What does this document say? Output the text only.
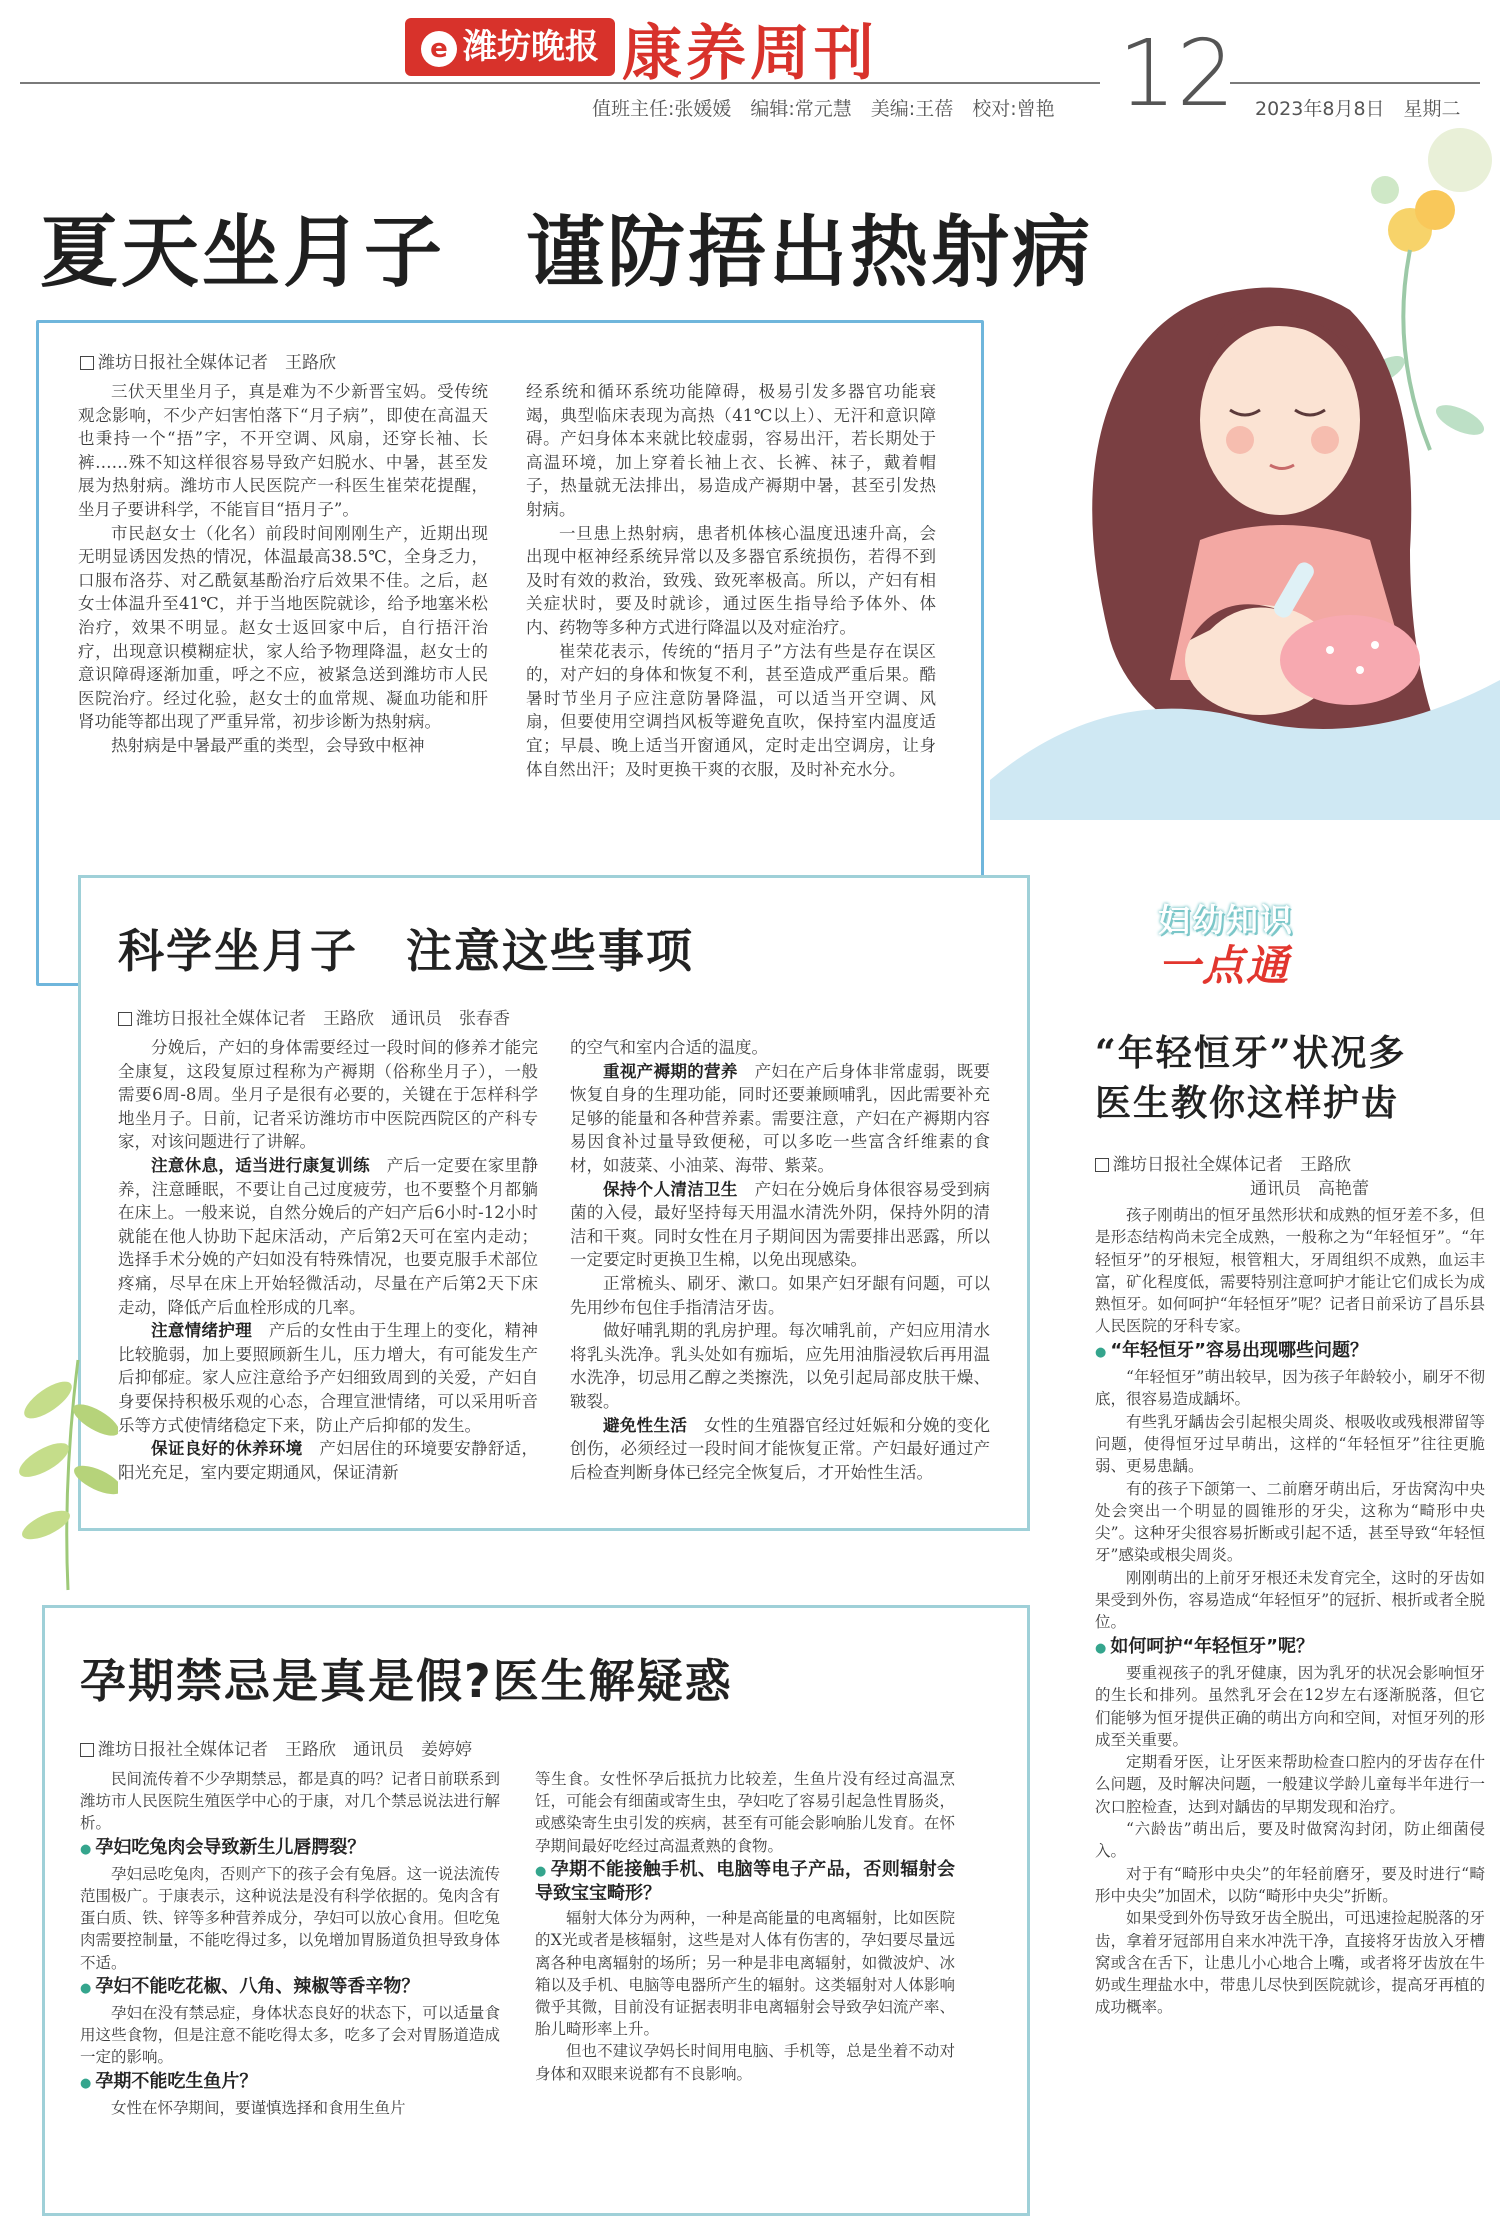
e 潍坊晚报 康养周刊	12
值班主任:张媛媛　编辑:常元慧　美编:王蓓　校对:曾艳	2023年8月8日　星期二
夏天坐月子　谨防捂出热射病
潍坊日报社全媒体记者　王路欣

三伏天里坐月子，真是难为不少新晋宝妈。受传统观念影响，不少产妇害怕落下“月子病”，即使在高温天也秉持一个“捂”字，不开空调、风扇，还穿长袖、长裤……殊不知这样很容易导致产妇脱水、中暑，甚至发展为热射病。潍坊市人民医院产一科医生崔荣花提醒，坐月子要讲科学，不能盲目“捂月子”。

市民赵女士（化名）前段时间刚刚生产，近期出现无明显诱因发热的情况，体温最高38.5℃，全身乏力，口服布洛芬、对乙酰氨基酚治疗后效果不佳。之后，赵女士体温升至41℃，并于当地医院就诊，给予地塞米松治疗，效果不明显。赵女士返回家中后，自行捂汗治疗，出现意识模糊症状，家人给予物理降温，赵女士的意识障碍逐渐加重，呼之不应，被紧急送到潍坊市人民医院治疗。经过化验，赵女士的血常规、凝血功能和肝肾功能等都出现了严重异常，初步诊断为热射病。

热射病是中暑最严重的类型，会导致中枢神

经系统和循环系统功能障碍，极易引发多器官功能衰竭，典型临床表现为高热（41℃以上）、无汗和意识障碍。产妇身体本来就比较虚弱，容易出汗，若长期处于高温环境，加上穿着长袖上衣、长裤、袜子，戴着帽子，热量就无法排出，易造成产褥期中暑，甚至引发热射病。

一旦患上热射病，患者机体核心温度迅速升高，会出现中枢神经系统异常以及多器官系统损伤，若得不到及时有效的救治，致残、致死率极高。所以，产妇有相关症状时，要及时就诊，通过医生指导给予体外、体内、药物等多种方式进行降温以及对症治疗。

崔荣花表示，传统的“捂月子”方法有些是存在误区的，对产妇的身体和恢复不利，甚至造成严重后果。酷暑时节坐月子应注意防暑降温，可以适当开空调、风扇，但要使用空调挡风板等避免直吹，保持室内温度适宜；早晨、晚上适当开窗通风，定时走出空调房，让身体自然出汗；及时更换干爽的衣服，及时补充水分。

科学坐月子　注意这些事项
潍坊日报社全媒体记者　王路欣　通讯员　张春香

分娩后，产妇的身体需要经过一段时间的修养才能完全康复，这段复原过程称为产褥期（俗称坐月子），一般需要6周-8周。坐月子是很有必要的，关键在于怎样科学地坐月子。日前，记者采访潍坊市中医院西院区的产科专家，对该问题进行了讲解。

注意休息，适当进行康复训练　产后一定要在家里静养，注意睡眠，不要让自己过度疲劳，也不要整个月都躺在床上。一般来说，自然分娩后的产妇产后6小时-12小时就能在他人协助下起床活动，产后第2天可在室内走动；选择手术分娩的产妇如没有特殊情况，也要克服手术部位疼痛，尽早在床上开始轻微活动，尽量在产后第2天下床走动，降低产后血栓形成的几率。

注意情绪护理　产后的女性由于生理上的变化，精神比较脆弱，加上要照顾新生儿，压力增大，有可能发生产后抑郁症。家人应注意给予产妇细致周到的关爱，产妇自身要保持积极乐观的心态，合理宣泄情绪，可以采用听音乐等方式使情绪稳定下来，防止产后抑郁的发生。

保证良好的休养环境　产妇居住的环境要安静舒适，阳光充足，室内要定期通风，保证清新

的空气和室内合适的温度。

重视产褥期的营养　产妇在产后身体非常虚弱，既要恢复自身的生理功能，同时还要兼顾哺乳，因此需要补充足够的能量和各种营养素。需要注意，产妇在产褥期内容易因食补过量导致便秘，可以多吃一些富含纤维素的食材，如菠菜、小油菜、海带、紫菜。

保持个人清洁卫生　产妇在分娩后身体很容易受到病菌的入侵，最好坚持每天用温水清洗外阴，保持外阴的清洁和干爽。同时女性在月子期间因为需要排出恶露，所以一定要定时更换卫生棉，以免出现感染。

正常梳头、刷牙、漱口。如果产妇牙龈有问题，可以先用纱布包住手指清洁牙齿。

做好哺乳期的乳房护理。每次哺乳前，产妇应用清水将乳头洗净。乳头处如有痂垢，应先用油脂浸软后再用温水洗净，切忌用乙醇之类擦洗，以免引起局部皮肤干燥、皲裂。

避免性生活　女性的生殖器官经过妊娠和分娩的变化创伤，必须经过一段时间才能恢复正常。产妇最好通过产后检查判断身体已经完全恢复后，才开始性生活。

孕期禁忌是真是假?医生解疑惑
潍坊日报社全媒体记者　王路欣　通讯员　姜婷婷

民间流传着不少孕期禁忌，都是真的吗？记者日前联系到潍坊市人民医院生殖医学中心的于康，对几个禁忌说法进行解析。

● 孕妇吃兔肉会导致新生儿唇腭裂？

孕妇忌吃兔肉，否则产下的孩子会有兔唇。这一说法流传范围极广。于康表示，这种说法是没有科学依据的。兔肉含有蛋白质、铁、锌等多种营养成分，孕妇可以放心食用。但吃兔肉需要控制量，不能吃得过多，以免增加胃肠道负担导致身体不适。

● 孕妇不能吃花椒、八角、辣椒等香辛物？

孕妇在没有禁忌症，身体状态良好的状态下，可以适量食用这些食物，但是注意不能吃得太多，吃多了会对胃肠道造成一定的影响。

● 孕期不能吃生鱼片？

女性在怀孕期间，要谨慎选择和食用生鱼片

等生食。女性怀孕后抵抗力比较差，生鱼片没有经过高温烹饪，可能会有细菌或寄生虫，孕妇吃了容易引起急性胃肠炎，或感染寄生虫引发的疾病，甚至有可能会影响胎儿发育。在怀孕期间最好吃经过高温煮熟的食物。

● 孕期不能接触手机、电脑等电子产品，否则辐射会导致宝宝畸形？

辐射大体分为两种，一种是高能量的电离辐射，比如医院的X光或者是核辐射，这些是对人体有伤害的，孕妇要尽量远离各种电离辐射的场所；另一种是非电离辐射，如微波炉、冰箱以及手机、电脑等电器所产生的辐射。这类辐射对人体影响微乎其微，目前没有证据表明非电离辐射会导致孕妇流产率、胎儿畸形率上升。

但也不建议孕妈长时间用电脑、手机等，总是坐着不动对身体和双眼来说都有不良影响。

妇幼知识
一点通
“年轻恒牙”状况多
医生教你这样护齿
潍坊日报社全媒体记者　王路欣
通讯员　高艳蕾

孩子刚萌出的恒牙虽然形状和成熟的恒牙差不多，但是形态结构尚未完全成熟，一般称之为“年轻恒牙”。“年轻恒牙”的牙根短，根管粗大，牙周组织不成熟，血运丰富，矿化程度低，需要特别注意呵护才能让它们成长为成熟恒牙。如何呵护“年轻恒牙”呢？记者日前采访了昌乐县人民医院的牙科专家。

● “年轻恒牙”容易出现哪些问题？

“年轻恒牙”萌出较早，因为孩子年龄较小，刷牙不彻底，很容易造成龋坏。

有些乳牙龋齿会引起根尖周炎、根吸收或残根滞留等问题，使得恒牙过早萌出，这样的“年轻恒牙”往往更脆弱、更易患龋。

有的孩子下颌第一、二前磨牙萌出后，牙齿窝沟中央处会突出一个明显的圆锥形的牙尖，这称为“畸形中央尖”。这种牙尖很容易折断或引起不适，甚至导致“年轻恒牙”感染或根尖周炎。

刚刚萌出的上前牙牙根还未发育完全，这时的牙齿如果受到外伤，容易造成“年轻恒牙”的冠折、根折或者全脱位。

● 如何呵护“年轻恒牙”呢？

要重视孩子的乳牙健康，因为乳牙的状况会影响恒牙的生长和排列。虽然乳牙会在12岁左右逐渐脱落，但它们能够为恒牙提供正确的萌出方向和空间，对恒牙列的形成至关重要。

定期看牙医，让牙医来帮助检查口腔内的牙齿存在什么问题，及时解决问题，一般建议学龄儿童每半年进行一次口腔检查，达到对龋齿的早期发现和治疗。

“六龄齿”萌出后，要及时做窝沟封闭，防止细菌侵入。

对于有“畸形中央尖”的年轻前磨牙，要及时进行“畸形中央尖”加固术，以防“畸形中央尖”折断。

如果受到外伤导致牙齿全脱出，可迅速捡起脱落的牙齿，拿着牙冠部用自来水冲洗干净，直接将牙齿放入牙槽窝或含在舌下，让患儿小心地合上嘴，或者将牙齿放在牛奶或生理盐水中，带患儿尽快到医院就诊，提高牙再植的成功概率。
